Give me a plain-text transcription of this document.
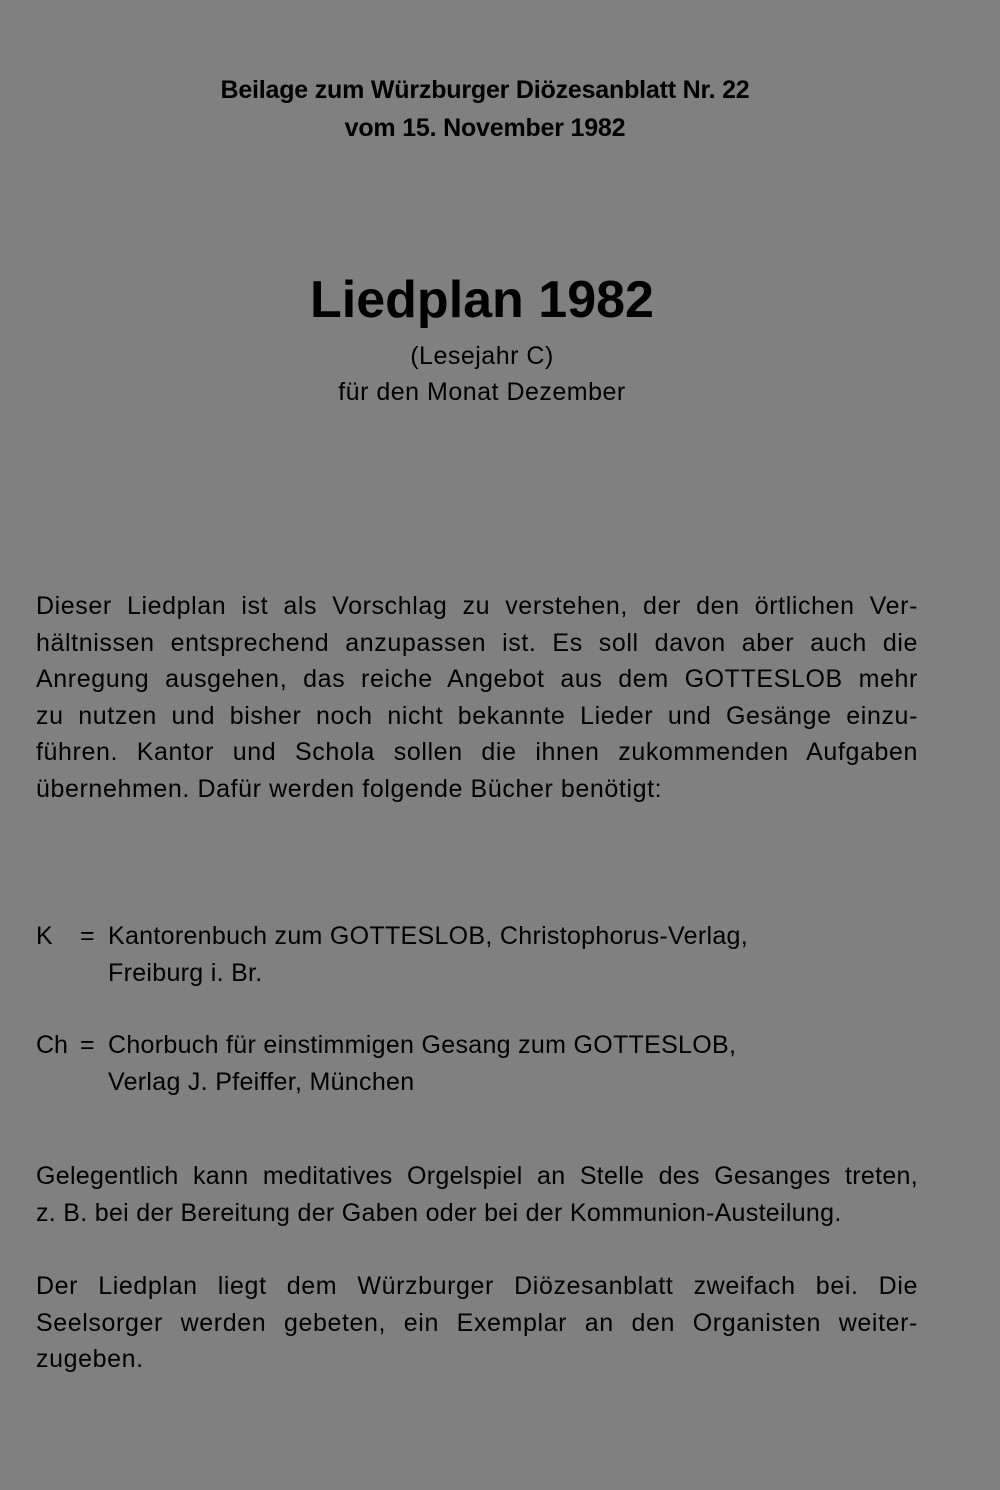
Beilage zum Würzburger Diözesanblatt Nr. 22
vom 15. November 1982
Liedplan 1982
(Lesejahr C)
für den Monat Dezember
Dieser Liedplan ist als Vorschlag zu verstehen, der den örtlichen Ver-
hältnissen entsprechend anzupassen ist. Es soll davon aber auch die
Anregung ausgehen, das reiche Angebot aus dem GOTTESLOB mehr
zu nutzen und bisher noch nicht bekannte Lieder und Gesänge einzu-
führen. Kantor und Schola sollen die ihnen zukommenden Aufgaben
übernehmen. Dafür werden folgende Bücher benötigt:
K = Kantorenbuch zum GOTTESLOB, Christophorus-Verlag,
Freiburg i. Br.
Ch = Chorbuch für einstimmigen Gesang zum GOTTESLOB,
Verlag J. Pfeiffer, München
Gelegentlich kann meditatives Orgelspiel an Stelle des Gesanges treten,
z. B. bei der Bereitung der Gaben oder bei der Kommunion-Austeilung.
Der Liedplan liegt dem Würzburger Diözesanblatt zweifach bei. Die
Seelsorger werden gebeten, ein Exemplar an den Organisten weiter-
zugeben.
